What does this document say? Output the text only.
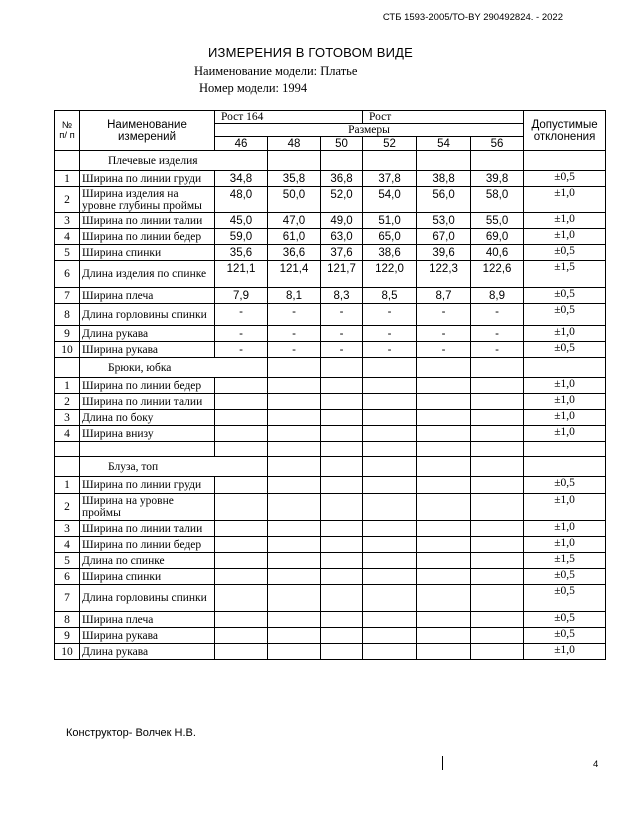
СТБ 1593-2005/ТО-BY 290492824. - 2022
ИЗМЕРЕНИЯ В ГОТОВОМ ВИДЕ
Наименование модели: Платье
Номер модели: 1994
№ п/ п	Наименование измерений	Рост 164			Рост			Допустимые отклонения
		Размеры						
		46	48	50	52	54	56	
	Плечевые изделия							
1	Ширина по линии груди	34,8	35,8	36,8	37,8	38,8	39,8	±0,5
2	Ширина изделия на уровне глубины проймы	48,0	50,0	52,0	54,0	56,0	58,0	±1,0
3	Ширина по линии талии	45,0	47,0	49,0	51,0	53,0	55,0	±1,0
4	Ширина по линии бедер	59,0	61,0	63,0	65,0	67,0	69,0	±1,0
5	Ширина спинки	35,6	36,6	37,6	38,6	39,6	40,6	±0,5
6	Длина изделия по спинке	121,1	121,4	121,7	122,0	122,3	122,6	±1,5
7	Ширина плеча	7,9	8,1	8,3	8,5	8,7	8,9	±0,5
8	Длина горловины спинки	-	-	-	-	-	-	±0,5
9	Длина рукава	-	-	-	-	-	-	±1,0
10	Ширина рукава	-	-	-	-	-	-	±0,5
	Брюки, юбка							
1	Ширина по линии бедер							±1,0
2	Ширина по линии талии							±1,0
3	Длина по боку							±1,0
4	Ширина внизу							±1,0

	Блуза, топ							
1	Ширина по линии груди							±0,5
2	Ширина на уровне проймы							±1,0
3	Ширина по линии талии							±1,0
4	Ширина по линии бедер							±1,0
5	Длина по спинке							±1,5
6	Ширина спинки							±0,5
7	Длина горловины спинки							±0,5
8	Ширина плеча							±0,5
9	Ширина рукава							±0,5
10	Длина рукава							±1,0
Конструктор- Волчек Н.В.
4
